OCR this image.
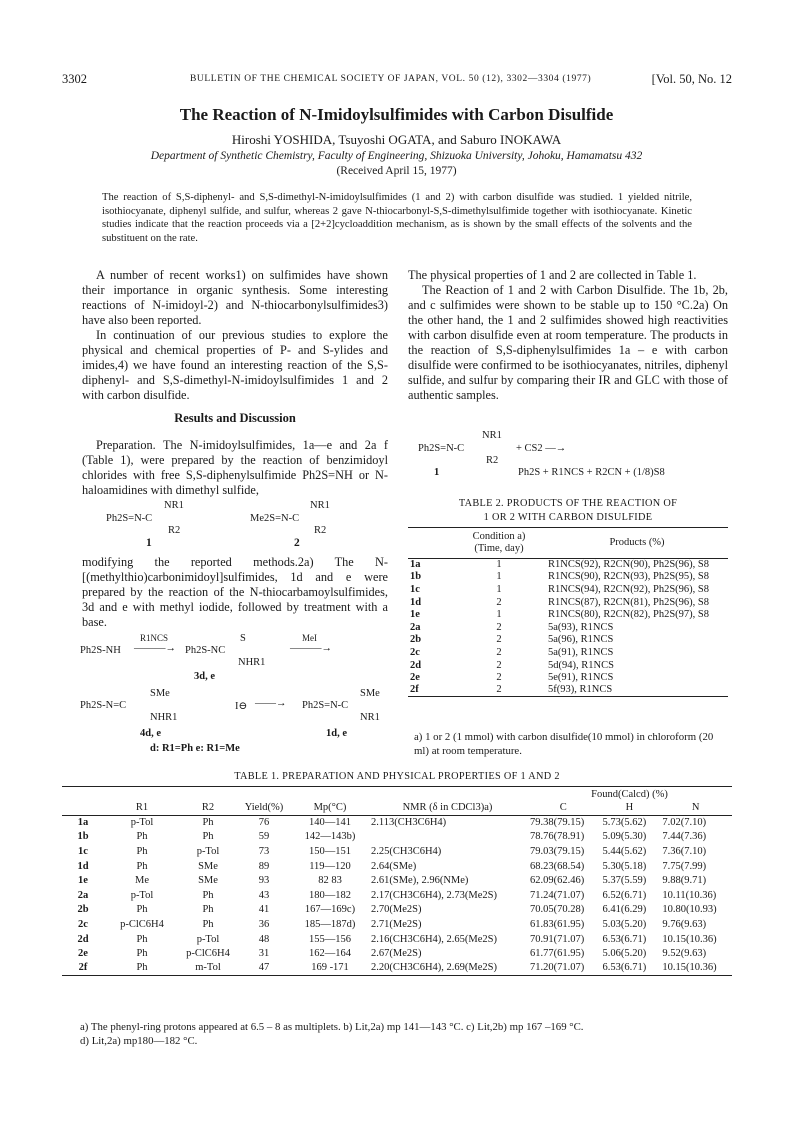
3302	BULLETIN OF THE CHEMICAL SOCIETY OF JAPAN, VOL. 50 (12), 3302—3304 (1977)	[Vol. 50, No. 12
The Reaction of N-Imidoylsulfimides with Carbon Disulfide
Hiroshi YOSHIDA, Tsuyoshi OGATA, and Saburo INOKAWA
Department of Synthetic Chemistry, Faculty of Engineering, Shizuoka University, Johoku, Hamamatsu 432
(Received April 15, 1977)
The reaction of S,S-diphenyl- and S,S-dimethyl-N-imidoylsulfimides (1 and 2) with carbon disulfide was studied. 1 yielded nitrile, isothiocyanate, diphenyl sulfide, and sulfur, whereas 2 gave N-thiocarbonyl-S,S-dimethylsulfimide together with isothiocyanate. Kinetic studies indicate that the reaction proceeds via a [2+2]cycloaddition mechanism, as is shown by the small effects of the solvents and the substituent on the rate.

A number of recent works1) on sulfimides have shown their importance in organic synthesis. Some interesting reactions of N-imidoyl-2) and N-thiocarbonylsulfimides3) have also been reported.

In continuation of our previous studies to explore the physical and chemical properties of P- and S-ylides and imides,4) we have found an interesting reaction of the S,S-diphenyl- and S,S-dimethyl-N-imidoylsulfimides 1 and 2 with carbon disulfide.

Results and Discussion

Preparation. The N-imidoylsulfimides, 1a—e and 2a f (Table 1), were prepared by the reaction of benzimidoyl chlorides with free S,S-diphenylsulfimide Ph2S=NH or N-haloamidines with dimethyl sulfide,

NR1
Ph2S=N-C
R2
1
NR1
Me2S=N-C
R2
2

modifying the reported methods.2a) The N-[(methylthio)carbonimidoyl]sulfimides, 1d and e were prepared by the reaction of the N-thiocarbamoylsulfimides, 3d and e with methyl iodide, followed by treatment with a base.

Ph2S-NH
R1NCS
———→ Ph2S-NC
S
NHR1
MeI
———→
3d, e
Ph2S-N=C
SMe
NHR1
I⊖ ——→ Ph2S=N-C
SMe
NR1
4d, e	1d, e
d: R1=Ph e: R1=Me

The physical properties of 1 and 2 are collected in Table 1.

The Reaction of 1 and 2 with Carbon Disulfide. The 1b, 2b, and c sulfimides were shown to be stable up to 150 °C.2a) On the other hand, the 1 and 2 sulfimides showed high reactivities with carbon disulfide even at room temperature. The products in the reaction of S,S-diphenylsulfimides 1a – e with carbon disulfide were confirmed to be isothiocyanates, nitriles, diphenyl sulfide, and sulfur by comparing their IR and GLC with those of authentic samples.

NR1
Ph2S=N-C
R2
+ CS2 —→
1	Ph2S + R1NCS + R2CN + (1/8)S8
TABLE 2. PRODUCTS OF THE REACTION OF
1 OR 2 WITH CARBON DISULFIDE

	Condition a)
(Time, day)	Products (%)
1a	1	R1NCS(92), R2CN(90), Ph2S(96), S8
1b	1	R1NCS(90), R2CN(93), Ph2S(95), S8
1c	1	R1NCS(94), R2CN(92), Ph2S(96), S8
1d	2	R1NCS(87), R2CN(81), Ph2S(96), S8
1e	1	R1NCS(80), R2CN(82), Ph2S(97), S8
2a	2	5a(93), R1NCS
2b	2	5a(96), R1NCS
2c	2	5a(91), R1NCS
2d	2	5d(94), R1NCS
2e	2	5e(91), R1NCS
2f	2	5f(93), R1NCS
a) 1 or 2 (1 mmol) with carbon disulfide(10 mmol) in chloroform (20 ml) at room temperature.
TABLE 1. PREPARATION AND PHYSICAL PROPERTIES OF 1 AND 2
						Found(Calcd) (%)		
	R1	R2	Yield(%)	Mp(°C)	NMR (δ in CDCl3)a)	C	H	N
1a	p-Tol	Ph	76	140—141	2.113(CH3C6H4)	79.38(79.15)	5.73(5.62)	7.02(7.10)
1b	Ph	Ph	59	142—143b)		78.76(78.91)	5.09(5.30)	7.44(7.36)
1c	Ph	p-Tol	73	150—151	2.25(CH3C6H4)	79.03(79.15)	5.44(5.62)	7.36(7.10)
1d	Ph	SMe	89	119—120	2.64(SMe)	68.23(68.54)	5.30(5.18)	7.75(7.99)
1e	Me	SMe	93	82 83	2.61(SMe), 2.96(NMe)	62.09(62.46)	5.37(5.59)	9.88(9.71)
2a	p-Tol	Ph	43	180—182	2.17(CH3C6H4), 2.73(Me2S)	71.24(71.07)	6.52(6.71)	10.11(10.36)
2b	Ph	Ph	41	167—169c)	2.70(Me2S)	70.05(70.28)	6.41(6.29)	10.80(10.93)
2c	p-ClC6H4	Ph	36	185—187d)	2.71(Me2S)	61.83(61.95)	5.03(5.20)	9.76(9.63)
2d	Ph	p-Tol	48	155—156	2.16(CH3C6H4), 2.65(Me2S)	70.91(71.07)	6.53(6.71)	10.15(10.36)
2e	Ph	p-ClC6H4	31	162—164	2.67(Me2S)	61.77(61.95)	5.06(5.20)	9.52(9.63)
2f	Ph	m-Tol	47	169 -171	2.20(CH3C6H4), 2.69(Me2S)	71.20(71.07)	6.53(6.71)	10.15(10.36)
a) The phenyl-ring protons appeared at 6.5 – 8 as multiplets. b) Lit,2a) mp 141—143 °C. c) Lit,2b) mp 167 –169 °C.
d) Lit,2a) mp180—182 °C.
